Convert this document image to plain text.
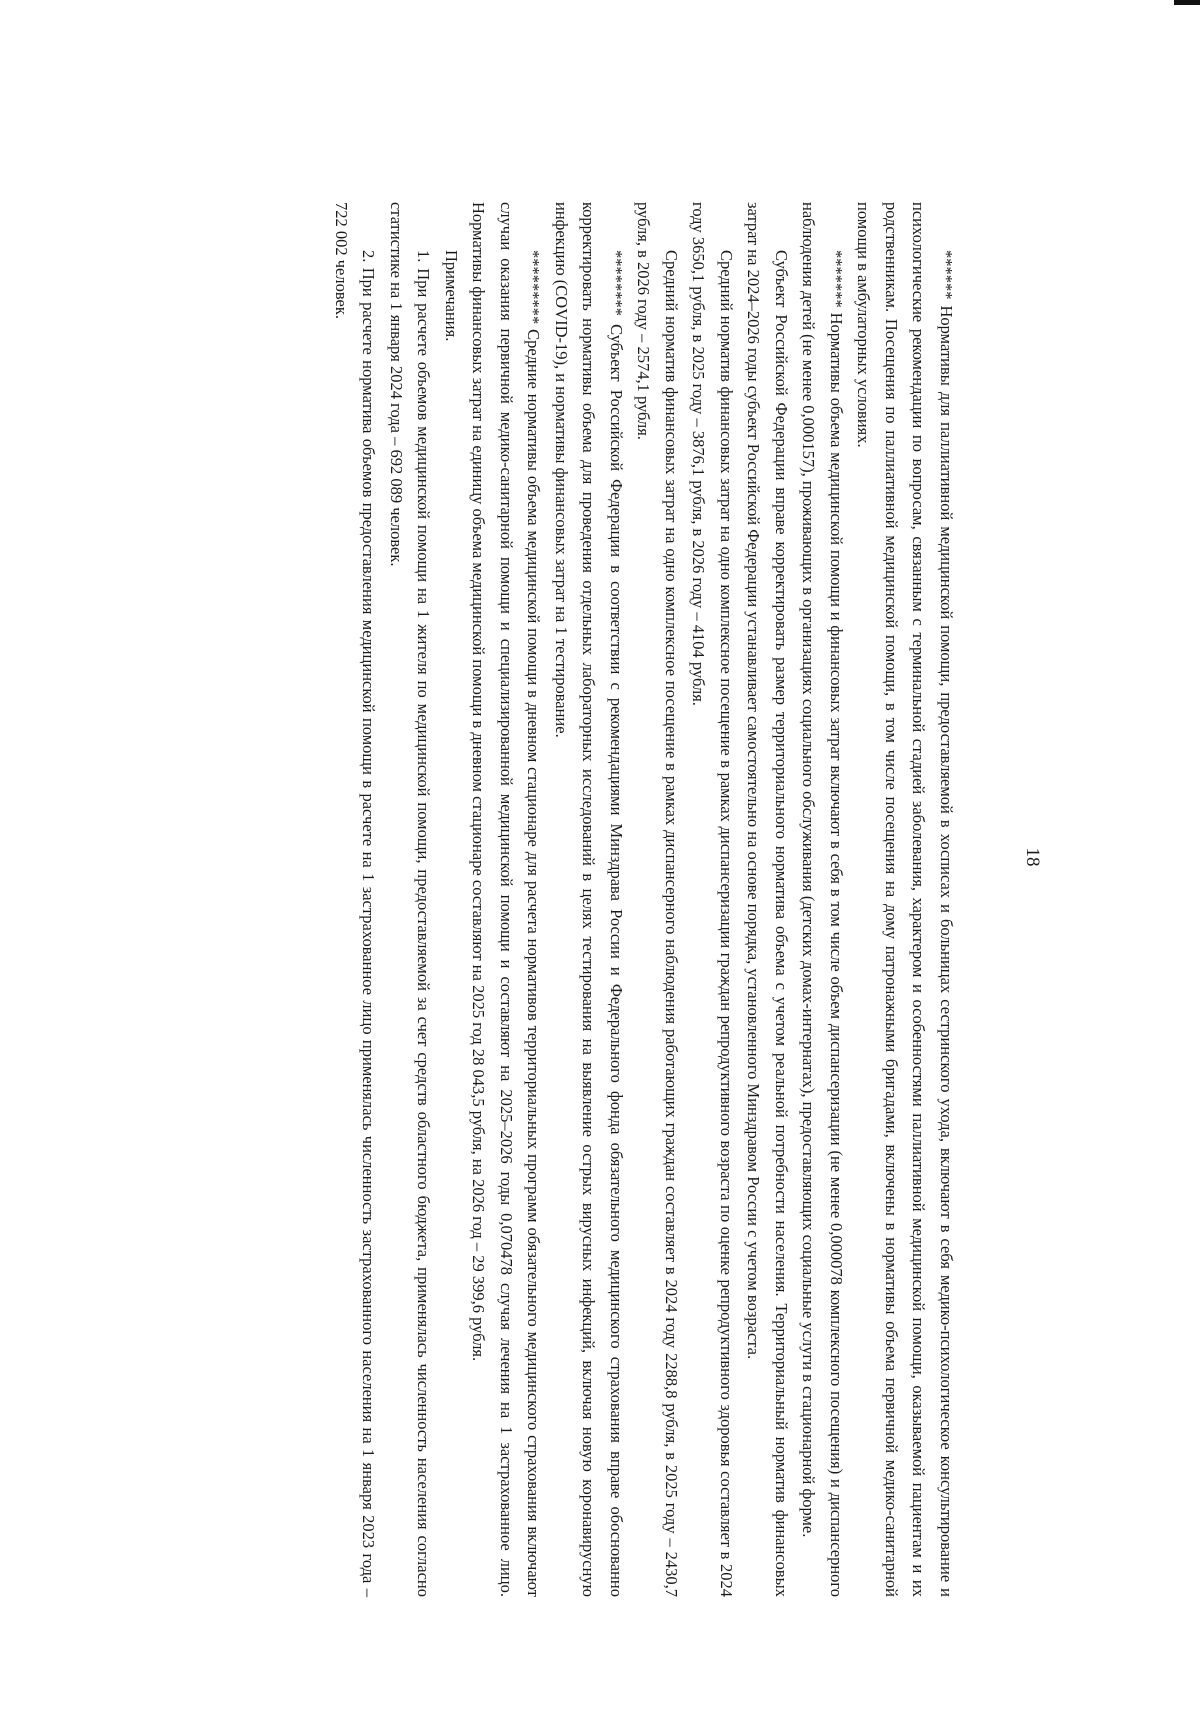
18

****** Нормативы для паллиативной медицинской помощи, предоставляемой в хосписах и больницах сестринского ухода, включают в себя медико-психологическое консультирование и психологические рекомендации по вопросам, связанным с терминальной стадией заболевания, характером и особенностями паллиативной медицинской помощи, оказываемой пациентам и их родственникам. Посещения по паллиативной медицинской помощи, в том числе посещения на дому патронажными бригадами, включены в нормативы объема первичной медико-санитарной помощи в амбулаторных условиях.

******* Нормативы объема медицинской помощи и финансовых затрат включают в себя в том числе объем диспансеризации (не менее 0,000078 комплексного посещения) и диспансерного наблюдения детей (не менее 0,000157), проживающих в организациях социального обслуживания (детских домах-интернатах), предоставляющих социальные услуги в стационарной форме.

Субъект Российской Федерации вправе корректировать размер территориального норматива объема с учетом реальной потребности населения. Территориальный норматив финансовых затрат на 2024–2026 годы субъект Российской Федерации устанавливает самостоятельно на основе порядка, установленного Минздравом России с учетом возраста.

Средний норматив финансовых затрат на одно комплексное посещение в рамках диспансеризации граждан репродуктивного возраста по оценке репродуктивного здоровья составляет в 2024 году 3650,1 рубля, в 2025 году – 3876,1 рубля, в 2026 году – 4104 рубля.

Средний норматив финансовых затрат на одно комплексное посещение в рамках диспансерного наблюдения работающих граждан составляет в 2024 году 2288,8 рубля, в 2025 году – 2430,7 рубля, в 2026 году – 2574,1 рубля.

******** Субъект Российской Федерации в соответствии с рекомендациями Минздрава России и Федерального фонда обязательного медицинского страхования вправе обоснованно корректировать нормативы объема для проведения отдельных лабораторных исследований в целях тестирования на выявление острых вирусных инфекций, включая новую коронавирусную инфекцию (COVID-19), и нормативы финансовых затрат на 1 тестирование.

********* Средние нормативы объема медицинской помощи в дневном стационаре для расчета нормативов территориальных программ обязательного медицинского страхования включают случаи оказания первичной медико-санитарной помощи и специализированной медицинской помощи и составляют на 2025–2026 годы 0,070478 случая лечения на 1 застрахованное лицо. Нормативы финансовых затрат на единицу объема медицинской помощи в дневном стационаре составляют на 2025 год 28 043,5 рубля, на 2026 год – 29 399,6 рубля.

Примечания.

1. При расчете объемов медицинской помощи на 1 жителя по медицинской помощи, предоставляемой за счет средств областного бюджета, применялась численность населения согласно статистике на 1 января 2024 года – 692 089 человек.

2. При расчете норматива объемов предоставления медицинской помощи в расчете на 1 застрахованное лицо применялась численность застрахованного населения на 1 января 2023 года – 722 002 человек.
